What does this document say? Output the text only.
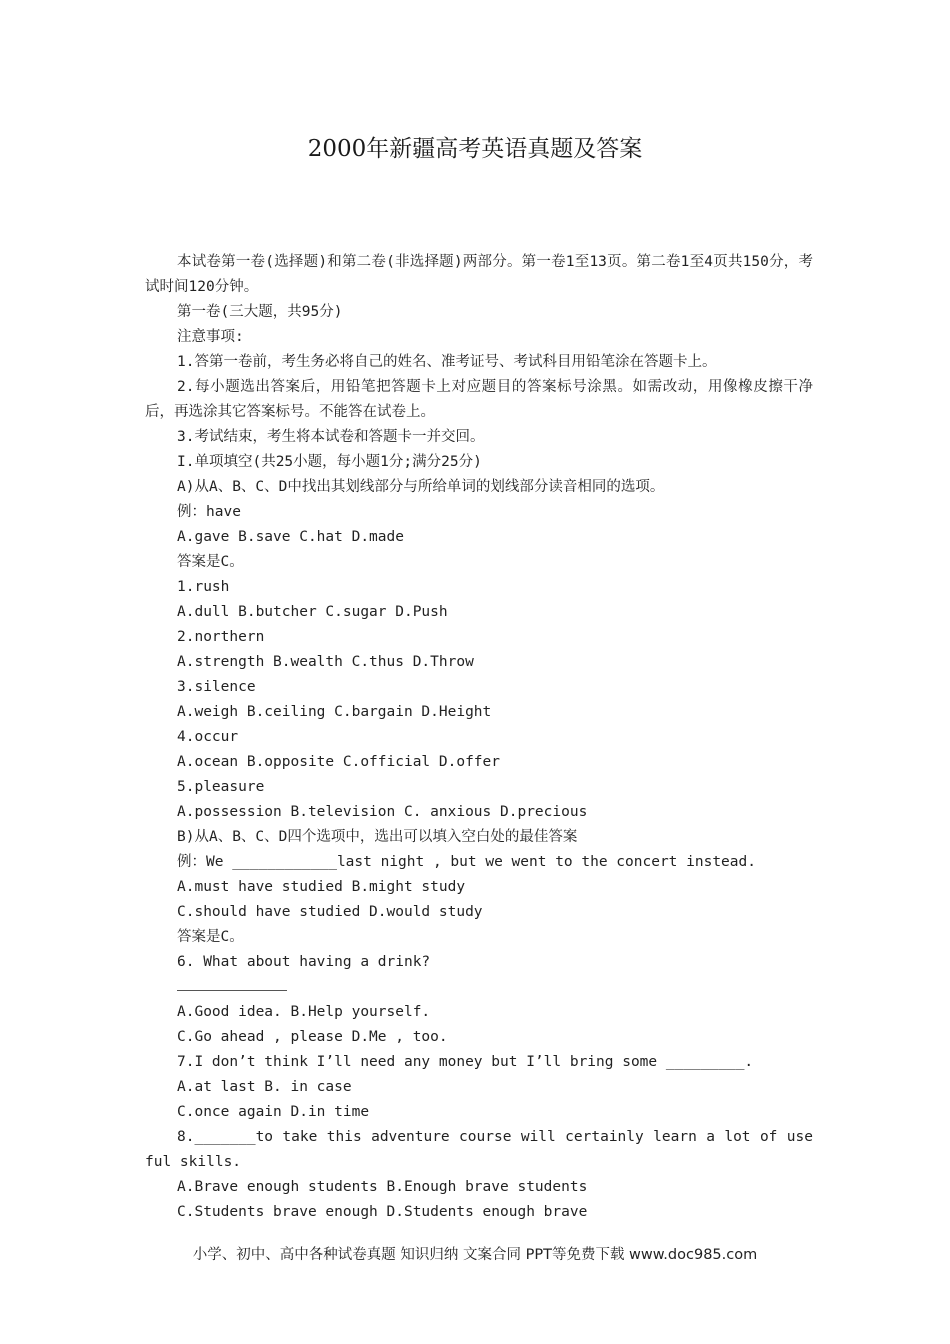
2000年新疆高考英语真题及答案

本试卷第一卷(选择题)和第二卷(非选择题)两部分。第一卷1至13页。第二卷1至4页共150分，考试时间120分钟。

第一卷(三大题，共95分)
注意事项:
1.答第一卷前，考生务必将自己的姓名、准考证号、考试科目用铅笔涂在答题卡上。

2.每小题选出答案后，用铅笔把答题卡上对应题目的答案标号涂黑。如需改动，用像橡皮擦干净后，再选涂其它答案标号。不能答在试卷上。

3.考试结束，考生将本试卷和答题卡一并交回。
I.单项填空(共25小题，每小题1分;满分25分)
A)从A、B、C、D中找出其划线部分与所给单词的划线部分读音相同的选项。
例：have
A.gave B.save C.hat D.made
答案是C。
1.rush
A.dull B.butcher C.sugar D.Push
2.northern
A.strength B.wealth C.thus D.Throw
3.silence
A.weigh B.ceiling C.bargain D.Height
4.occur
A.ocean B.opposite C.official D.offer
5.pleasure
A.possession B.television C. anxious D.precious
B)从A、B、C、D四个选项中，选出可以填入空白处的最佳答案
例：We ____________last night , but we went to the concert instead.
A.must have studied B.might study
C.should have studied D.would study
答案是C。
6. What about having a drink?
A.Good idea. B.Help yourself.
C.Go ahead , please D.Me , too.
7.I don’t think I’ll need any money but I’ll bring some _________.
A.at last B. in case
C.once again D.in time

8._______to take this adventure course will certainly learn a lot of useful skills.

A.Brave enough students B.Enough brave students
C.Students brave enough D.Students enough brave
小学、初中、高中各种试卷真题 知识归纳 文案合同 PPT等免费下载 www.doc985.com
